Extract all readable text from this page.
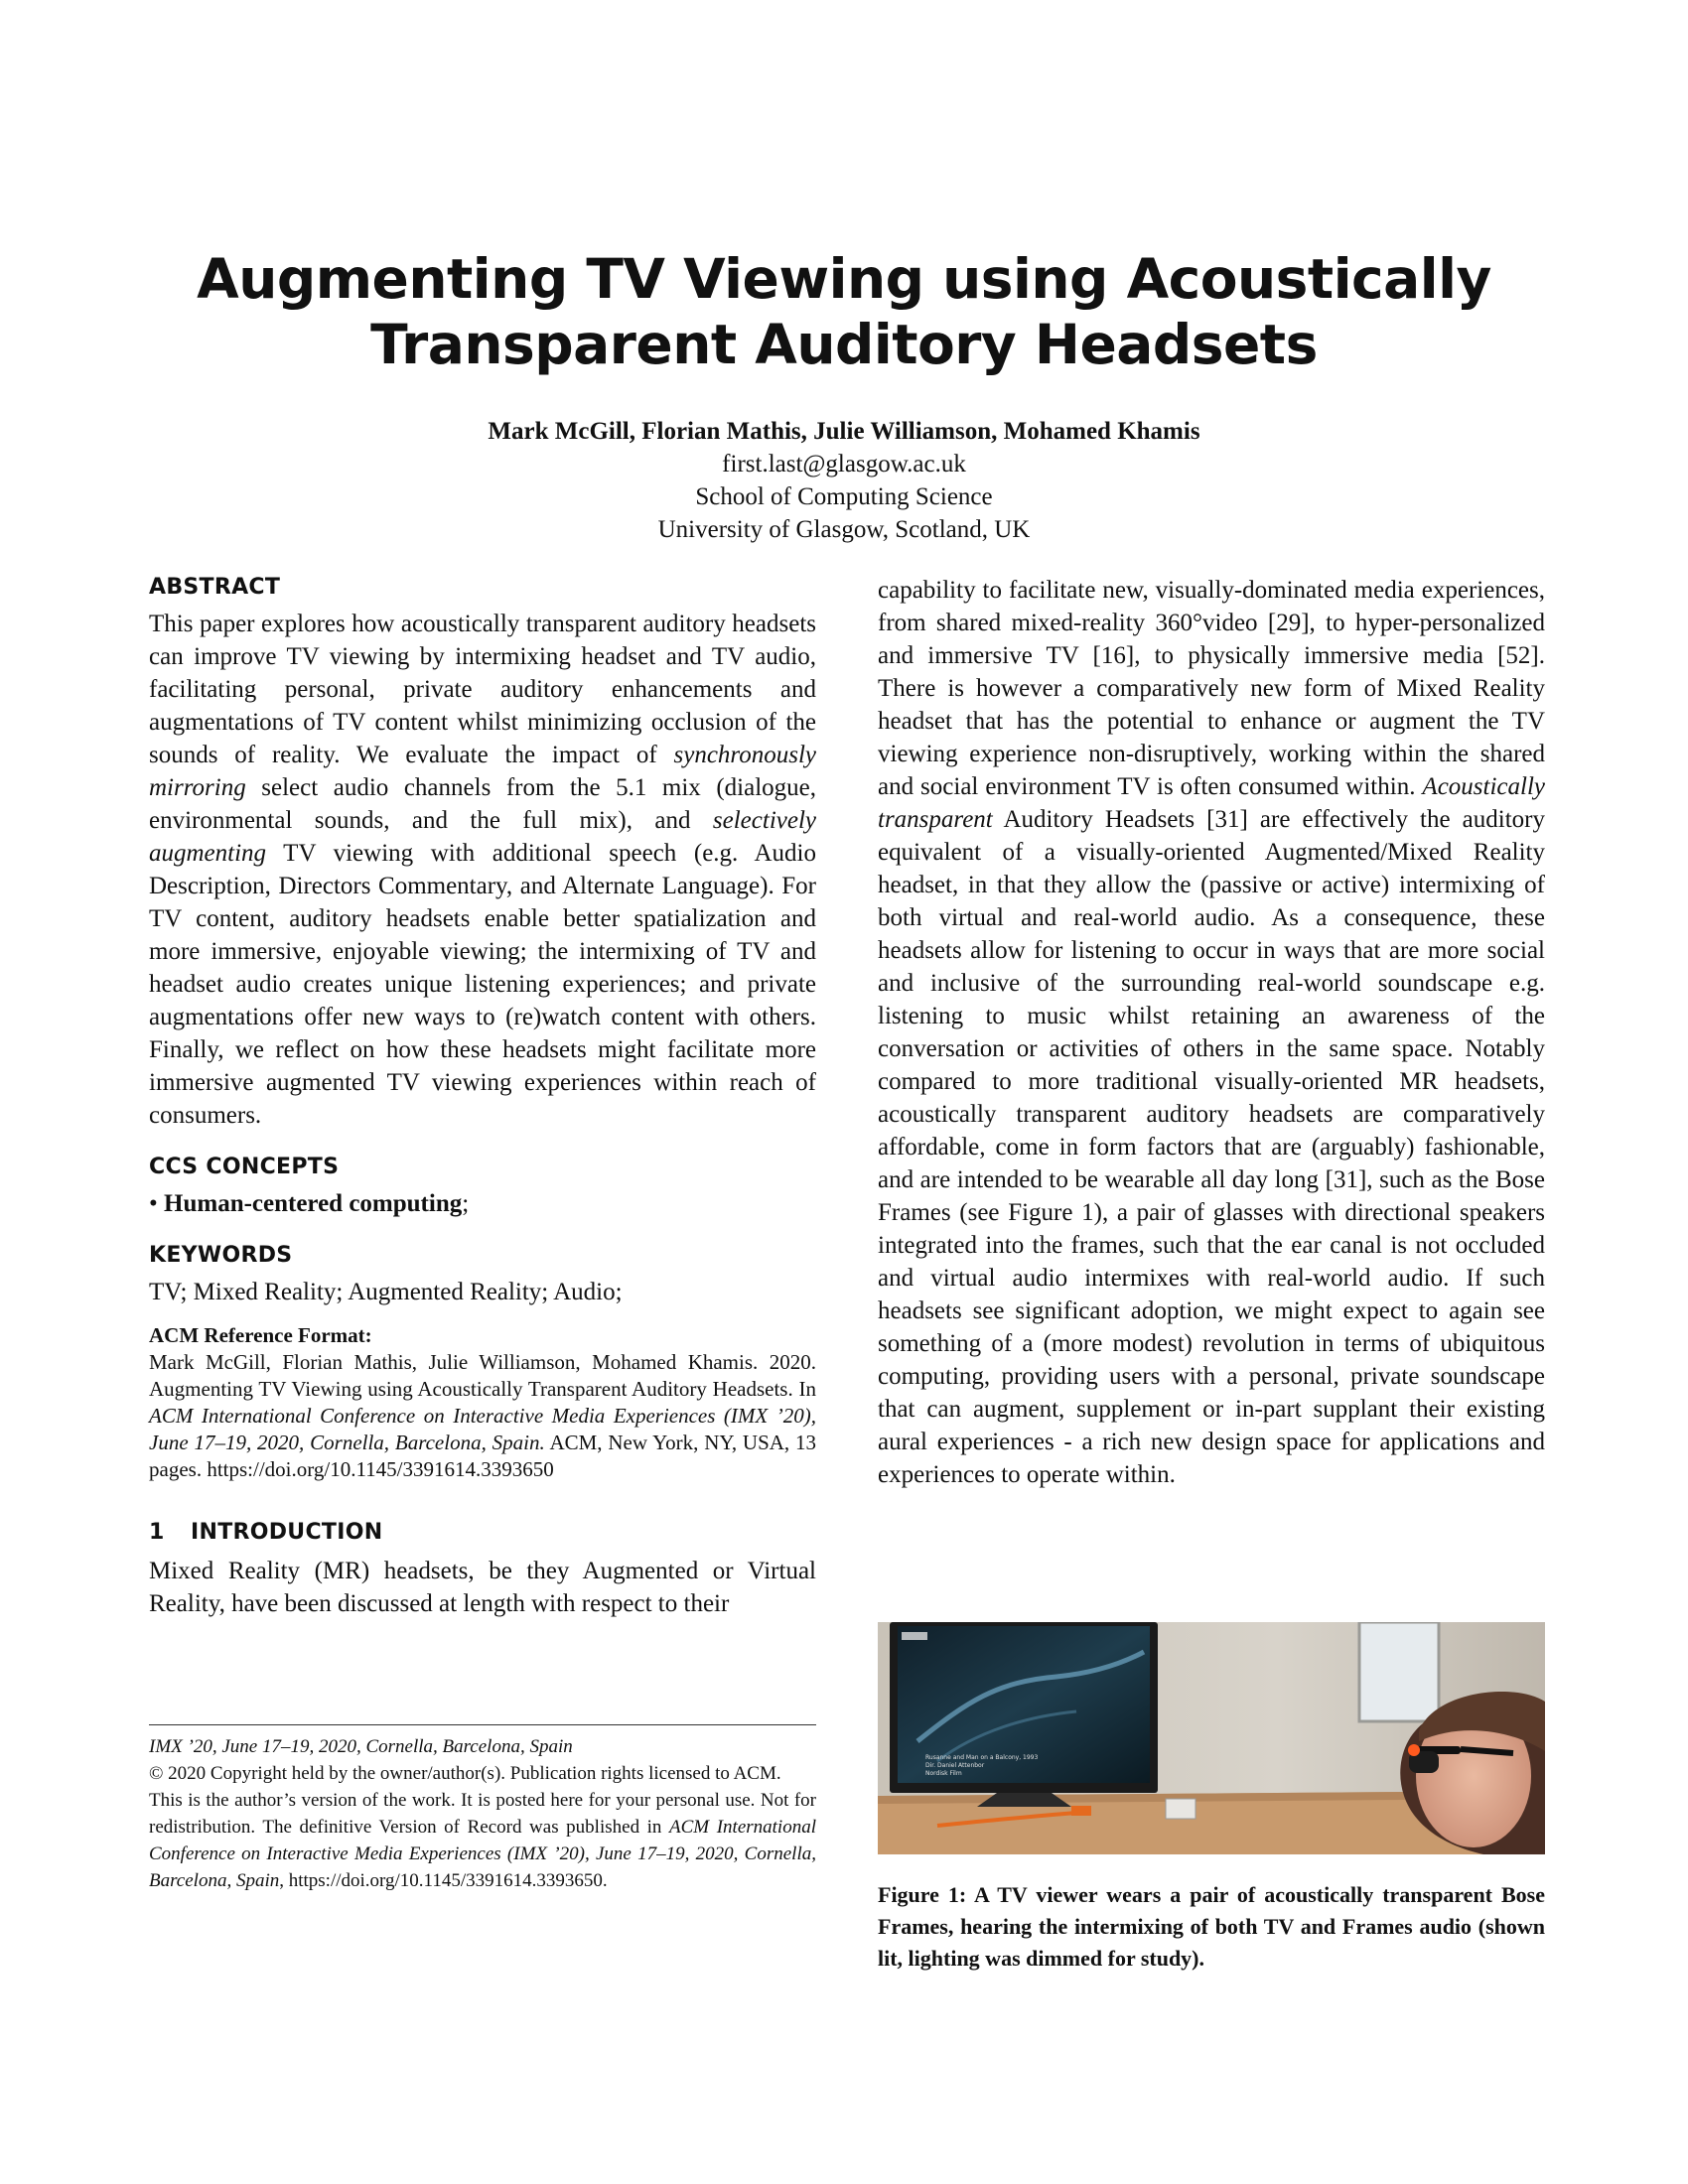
Augmenting TV Viewing using Acoustically
Transparent Auditory Headsets
Mark McGill, Florian Mathis, Julie Williamson, Mohamed Khamis
first.last@glasgow.ac.uk
School of Computing Science
University of Glasgow, Scotland, UK
ABSTRACT

This paper explores how acoustically transparent auditory headsets can improve TV viewing by intermixing headset and TV audio, facilitating personal, private auditory enhancements and augmentations of TV content whilst minimizing occlusion of the sounds of reality. We evaluate the impact of synchronously mirroring select audio channels from the 5.1 mix (dialogue, environmental sounds, and the full mix), and selectively augmenting TV viewing with additional speech (e.g. Audio Description, Directors Commentary, and Alternate Language). For TV content, auditory headsets enable better spatialization and more immersive, enjoyable viewing; the intermixing of TV and headset audio creates unique listening experiences; and private augmentations offer new ways to (re)watch content with others. Finally, we reflect on how these headsets might facilitate more immersive augmented TV viewing experiences within reach of consumers.

CCS CONCEPTS

• Human-centered computing;

KEYWORDS

TV; Mixed Reality; Augmented Reality; Audio;

ACM Reference Format:

Mark McGill, Florian Mathis, Julie Williamson, Mohamed Khamis. 2020. Augmenting TV Viewing using Acoustically Transparent Auditory Headsets. In ACM International Conference on Interactive Media Experiences (IMX ’20), June 17–19, 2020, Cornella, Barcelona, Spain. ACM, New York, NY, USA, 13 pages. https://doi.org/10.1145/3391614.3393650

1 INTRODUCTION

Mixed Reality (MR) headsets, be they Augmented or Virtual Reality, have been discussed at length with respect to their

IMX ’20, June 17–19, 2020, Cornella, Barcelona, Spain

© 2020 Copyright held by the owner/author(s). Publication rights licensed to ACM.

This is the author’s version of the work. It is posted here for your personal use. Not for redistribution. The definitive Version of Record was published in ACM International Conference on Interactive Media Experiences (IMX ’20), June 17–19, 2020, Cornella, Barcelona, Spain, https://doi.org/10.1145/3391614.3393650.

capability to facilitate new, visually-dominated media experiences, from shared mixed-reality 360°video [29], to hyper-personalized and immersive TV [16], to physically immersive media [52]. There is however a comparatively new form of Mixed Reality headset that has the potential to enhance or augment the TV viewing experience non-disruptively, working within the shared and social environment TV is often consumed within. Acoustically transparent Auditory Headsets [31] are effectively the auditory equivalent of a visually-oriented Augmented/Mixed Reality headset, in that they allow the (passive or active) intermixing of both virtual and real-world audio. As a consequence, these headsets allow for listening to occur in ways that are more social and inclusive of the surrounding real-world soundscape e.g. listening to music whilst retaining an awareness of the conversation or activities of others in the same space. Notably compared to more traditional visually-oriented MR headsets, acoustically transparent auditory headsets are comparatively affordable, come in form factors that are (arguably) fashionable, and are intended to be wearable all day long [31], such as the Bose Frames (see Figure 1), a pair of glasses with directional speakers integrated into the frames, such that the ear canal is not occluded and virtual audio intermixes with real-world audio. If such headsets see significant adoption, we might expect to again see something of a (more modest) revolution in terms of ubiquitous computing, providing users with a personal, private soundscape that can augment, supplement or in-part supplant their existing aural experiences - a rich new design space for applications and experiences to operate within.

Rusanne and Man on a Balcony, 1993
Dir. Daniel Attenbor
Nordisk Film
Figure 1: A TV viewer wears a pair of acoustically transparent Bose Frames, hearing the intermixing of both TV and Frames audio (shown lit, lighting was dimmed for study).
